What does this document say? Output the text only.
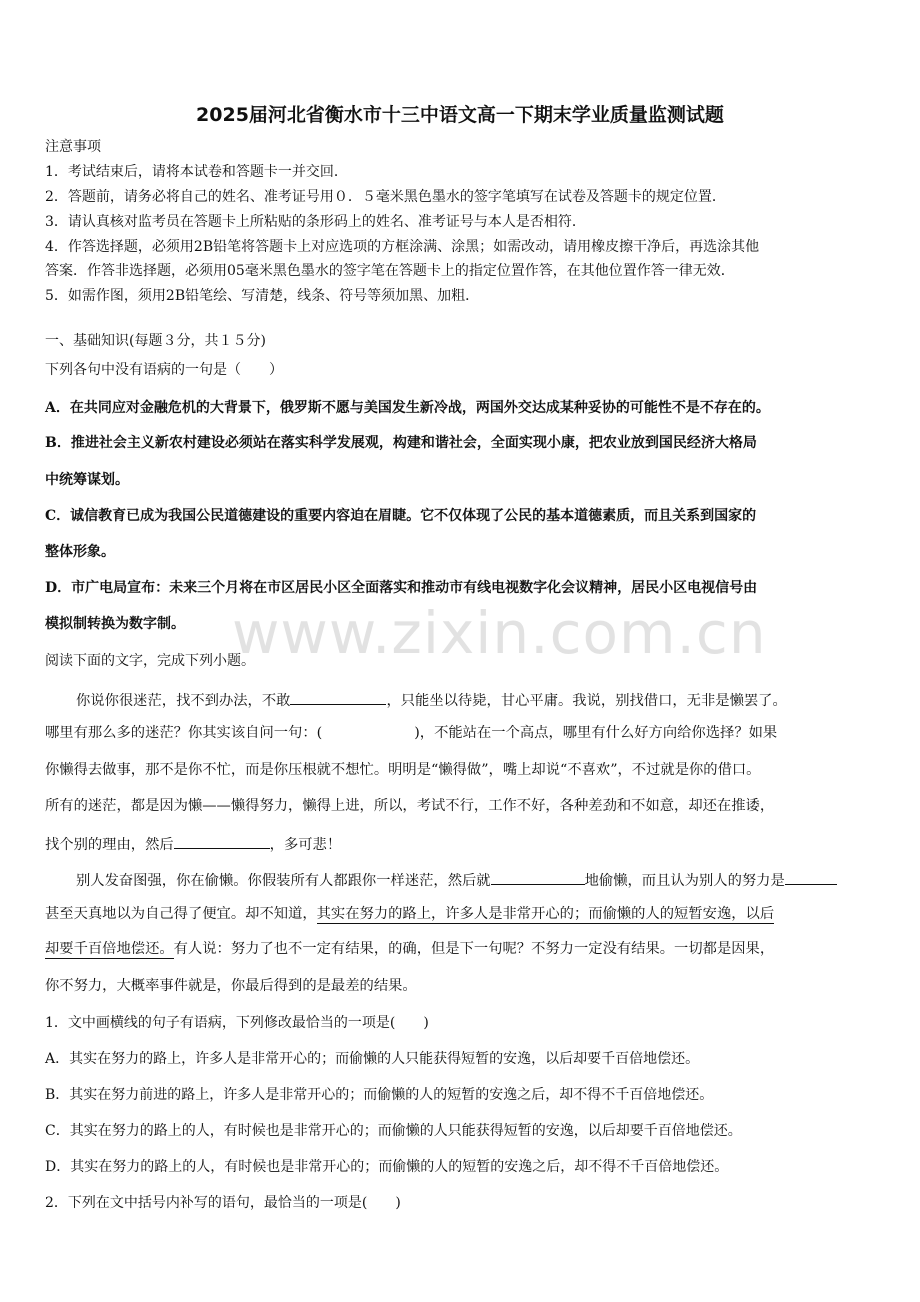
2025届河北省衡水市十三中语文高一下期末学业质量监测试题
注意事项
1．考试结束后，请将本试卷和答题卡一并交回．
2．答题前，请务必将自己的姓名、准考证号用０．５毫米黑色墨水的签字笔填写在试卷及答题卡的规定位置．
3．请认真核对监考员在答题卡上所粘贴的条形码上的姓名、准考证号与本人是否相符．
4．作答选择题，必须用2B铅笔将答题卡上对应选项的方框涂满、涂黑；如需改动，请用橡皮擦干净后，再选涂其他
答案．作答非选择题，必须用05毫米黑色墨水的签字笔在答题卡上的指定位置作答，在其他位置作答一律无效．
5．如需作图，须用2B铅笔绘、写清楚，线条、符号等须加黑、加粗．
一、基础知识(每题３分，共１５分)
下列各句中没有语病的一句是（　　）
A．在共同应对金融危机的大背景下，俄罗斯不愿与美国发生新冷战，两国外交达成某种妥协的可能性不是不存在的。
B．推进社会主义新农村建设必须站在落实科学发展观，构建和谐社会，全面实现小康，把农业放到国民经济大格局
中统筹谋划。
C．诚信教育已成为我国公民道德建设的重要内容迫在眉睫。它不仅体现了公民的基本道德素质，而且关系到国家的
整体形象。
D．市广电局宣布：未来三个月将在市区居民小区全面落实和推动市有线电视数字化会议精神，居民小区电视信号由
模拟制转换为数字制。 www.zixin.com.cn
阅读下面的文字，完成下列小题。
你说你很迷茫，找不到办法，不敢	，只能坐以待毙，甘心平庸。我说，别找借口，无非是懒罢了。
哪里有那么多的迷茫？你其实该自问一句：(	)，不能站在一个高点，哪里有什么好方向给你选择？如果
你懒得去做事，那不是你不忙，而是你压根就不想忙。明明是“懒得做”，嘴上却说“不喜欢”，不过就是你的借口。
所有的迷茫，都是因为懒——懒得努力，懒得上进，所以，考试不行，工作不好，各种差劲和不如意，却还在推诿，
找个别的理由，然后	，多可悲！
别人发奋图强，你在偷懒。你假装所有人都跟你一样迷茫，然后就	地偷懒，而且认为别人的努力是
甚至天真地以为自己得了便宜。却不知道，其实在努力的路上，许多人是非常开心的；而偷懒的人的短暂安逸，以后
却要千百倍地偿还。有人说：努力了也不一定有结果，的确，但是下一句呢？不努力一定没有结果。一切都是因果，
你不努力，大概率事件就是，你最后得到的是最差的结果。
1．文中画横线的句子有语病，下列修改最恰当的一项是(　　)
A．其实在努力的路上，许多人是非常开心的；而偷懒的人只能获得短暂的安逸，以后却要千百倍地偿还。
B．其实在努力前进的路上，许多人是非常开心的；而偷懒的人的短暂的安逸之后，却不得不千百倍地偿还。
C．其实在努力的路上的人，有时候也是非常开心的；而偷懒的人只能获得短暂的安逸，以后却要千百倍地偿还。
D．其实在努力的路上的人，有时候也是非常开心的；而偷懒的人的短暂的安逸之后，却不得不千百倍地偿还。
2．下列在文中括号内补写的语句，最恰当的一项是(　　)
